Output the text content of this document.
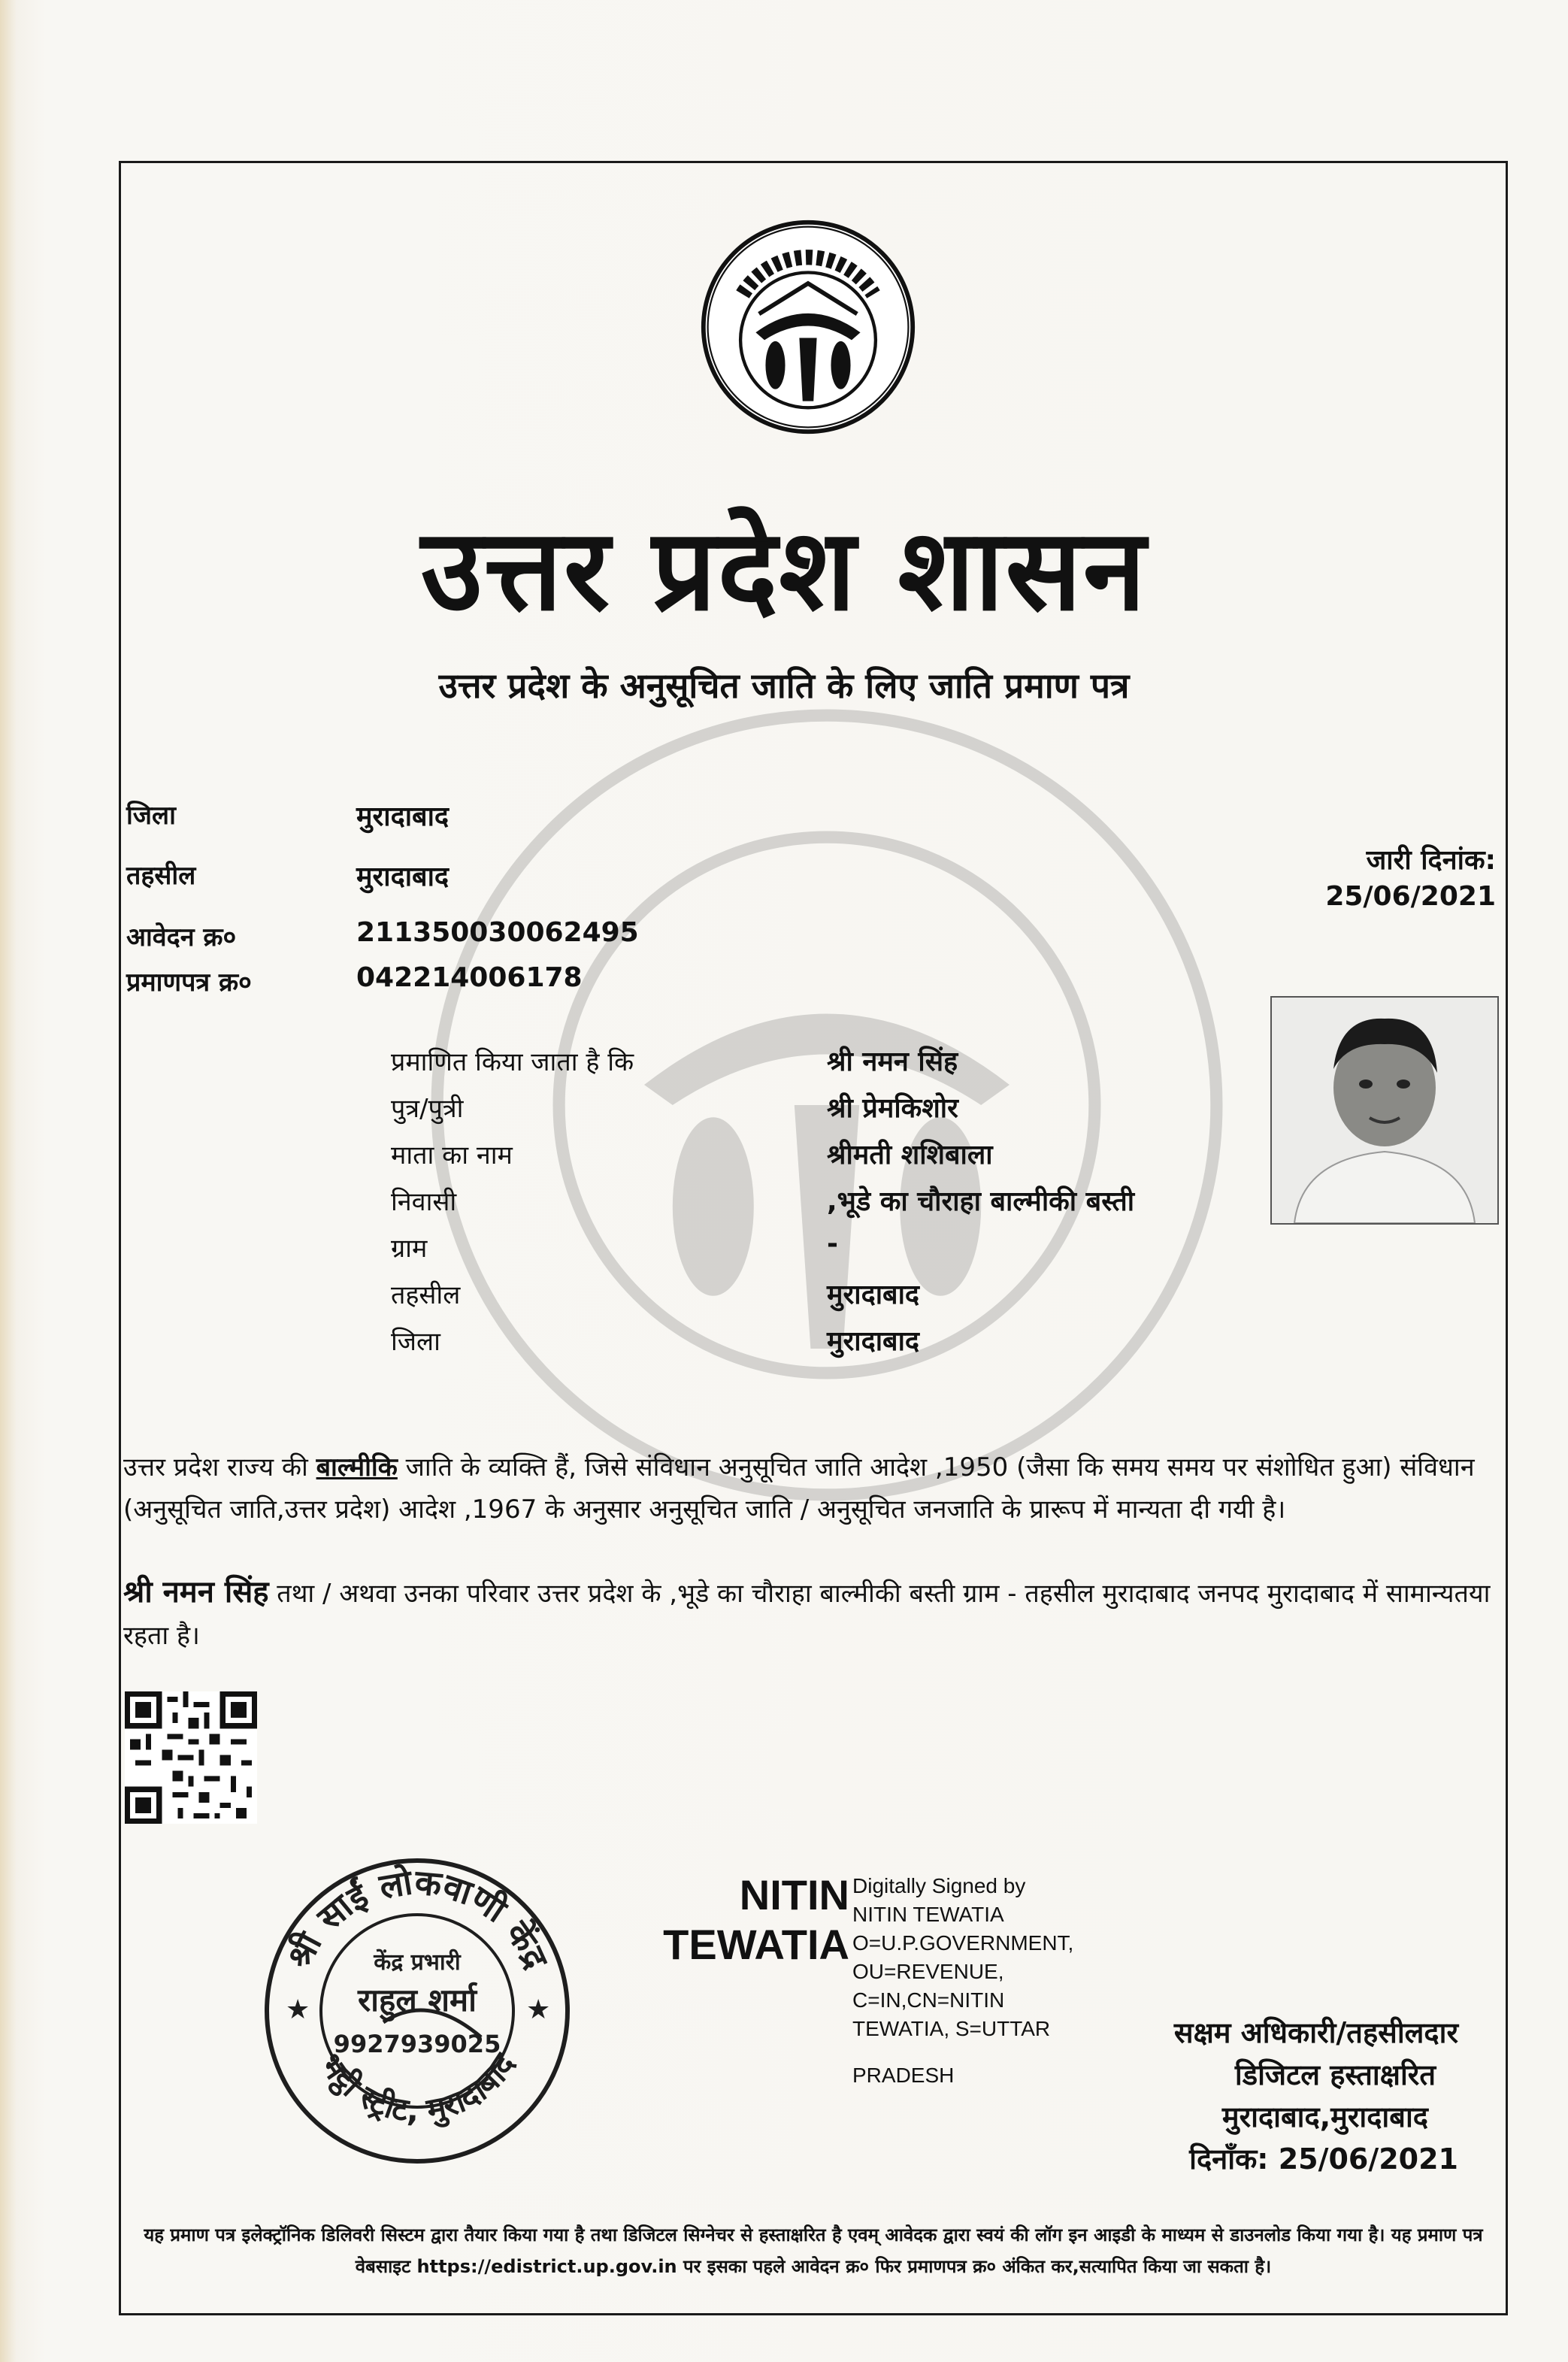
उत्तर प्रदेश शासन
उत्तर प्रदेश के अनुसूचित जाति के लिए जाति प्रमाण पत्र
जिला	मुरादाबाद
तहसील	मुरादाबाद
आवेदन क्र०	211350030062495
प्रमाणपत्र क्र०	042214006178
जारी दिनांक:
25/06/2021
प्रमाणित किया जाता है कि	श्री नमन सिंह
पुत्र/पुत्री	श्री प्रेमकिशोर
माता का नाम	श्रीमती शशिबाला
निवासी	,भूडे का चौराहा बाल्मीकी बस्ती
ग्राम	-
तहसील	मुरादाबाद
जिला	मुरादाबाद
उत्तर प्रदेश राज्य की बाल्मीकि जाति के व्यक्ति हैं, जिसे संविधान अनुसूचित जाति आदेश ,1950 (जैसा कि समय समय पर संशोधित हुआ) संविधान (अनुसूचित जाति,उत्तर प्रदेश) आदेश ,1967 के अनुसार अनुसूचित जाति / अनुसूचित जनजाति के प्रारूप में मान्यता दी गयी है।
श्री नमन सिंह तथा / अथवा उनका परिवार उत्तर प्रदेश के ,भूडे का चौराहा बाल्मीकी बस्ती ग्राम - तहसील मुरादाबाद जनपद मुरादाबाद में सामान्यतया रहता है।
श्री साईं लोकवाणी केंद्र
भट्ठी स्ट्रीट, मुरादाबाद
केंद्र प्रभारी
राहुल शर्मा
9927939025
★	★
NITIN
TEWATIA
Digitally Signed by
NITIN TEWATIA
O=U.P.GOVERNMENT,
OU=REVENUE,
C=IN,CN=NITIN
TEWATIA, S=UTTAR
PRADESH
सक्षम अधिकारी/तहसीलदार
डिजिटल हस्ताक्षरित
मुरादाबाद,मुरादाबाद
दिनाँक: 25/06/2021
यह प्रमाण पत्र इलेक्ट्रॉनिक डिलिवरी सिस्टम द्वारा तैयार किया गया है तथा डिजिटल सिग्नेचर से हस्ताक्षरित है एवम् आवेदक द्वारा स्वयं की लॉग इन आइडी के माध्यम से डाउनलोड किया गया है। यह प्रमाण पत्र वेबसाइट https://edistrict.up.gov.in पर इसका पहले आवेदन क्र० फिर प्रमाणपत्र क्र० अंकित कर,सत्यापित किया जा सकता है।
